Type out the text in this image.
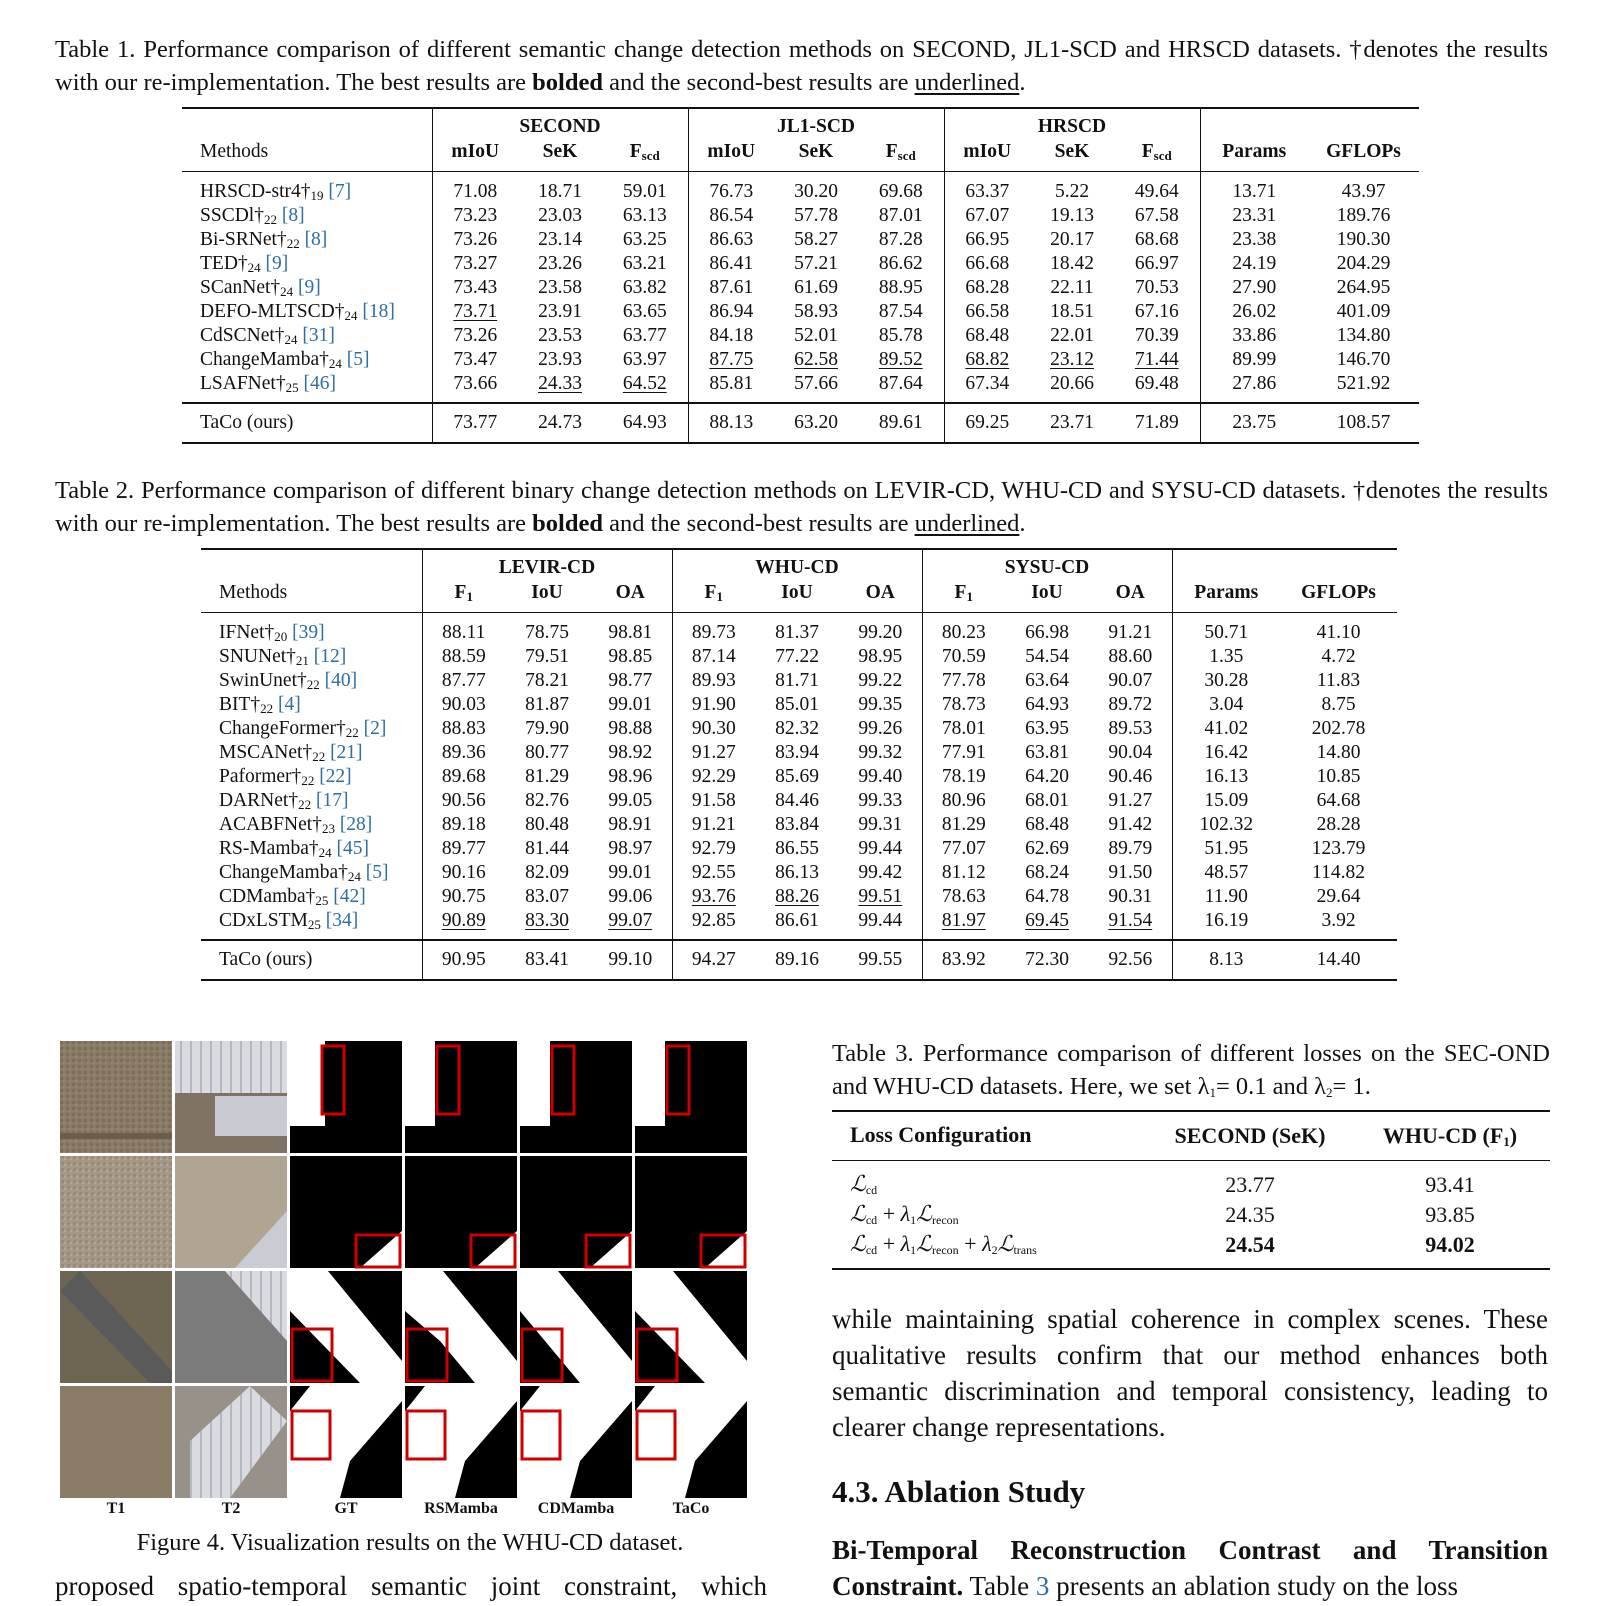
Table 1. Performance comparison of different semantic change detection methods on SECOND, JL1-SCD and HRSCD datasets. †denotes the results with our re-implementation. The best results are bolded and the second-best results are underlined.
	SECOND			JL1-SCD			HRSCD				
Methods	mIoU	SeK	$F_{scd}$	mIoU	SeK	$F_{scd}$	mIoU	SeK	$F_{scd}$	Params	GFLOPs
HRSCD-$str4\dagger_{19}$ [7]	71.08	18.71	59.01	76.73	30.20	69.68	63.37	5.22	49.64	13.71	43.97
$SSCDl\dagger_{22}$ [8]	73.23	23.03	63.13	86.54	57.78	87.01	67.07	19.13	67.58	23.31	189.76
$Bi-SRNet\dagger_{22}$ [8]	73.26	23.14	63.25	86.63	58.27	87.28	66.95	20.17	68.68	23.38	190.30
$TED\dagger_{24}$ [9]	73.27	23.26	63.21	86.41	57.21	86.62	66.68	18.42	66.97	24.19	204.29
$SCanNet\dagger_{24}$ [9]	73.43	23.58	63.82	87.61	61.69	88.95	68.28	22.11	70.53	27.90	264.95
DEFO-$MLTSCD\dagger_{24}$ [18]	73.71	23.91	63.65	86.94	58.93	87.54	66.58	18.51	67.16	26.02	401.09
$CdSCNet\dagger_{24}$ [31]	73.26	23.53	63.77	84.18	52.01	85.78	68.48	22.01	70.39	33.86	134.80
$ChangeMamba\dagger_{24}$ [5]	73.47	23.93	63.97	87.75	62.58	89.52	68.82	23.12	71.44	89.99	146.70
$LSAFNet\dagger_{25}$ [46]	73.66	24.33	64.52	85.81	57.66	87.64	67.34	20.66	69.48	27.86	521.92
TaCo (ours)	73.77	24.73	64.93	88.13	63.20	89.61	69.25	23.71	71.89	23.75	108.57
Table 2. Performance comparison of different binary change detection methods on LEVIR-CD, WHU-CD and SYSU-CD datasets. †denotes the results with our re-implementation. The best results are bolded and the second-best results are underlined.
	LEVIR-CD			WHU-CD			SYSU-CD				
Methods	$F_1$	IoU	OA	$F_1$	IoU	OA	$F_1$	IoU	OA	Params	GFLOPs
$IFNet\dagger_{20}$ [39]	88.11	78.75	98.81	89.73	81.37	99.20	80.23	66.98	91.21	50.71	41.10
$SNUNet\dagger_{21}$ [12]	88.59	79.51	98.85	87.14	77.22	98.95	70.59	54.54	88.60	1.35	4.72
$SwinUnet\dagger_{22}$ [40]	87.77	78.21	98.77	89.93	81.71	99.22	77.78	63.64	90.07	30.28	11.83
$BIT\dagger_{22}$ [4]	90.03	81.87	99.01	91.90	85.01	99.35	78.73	64.93	89.72	3.04	8.75
$ChangeFormer\dagger_{22}$ [2]	88.83	79.90	98.88	90.30	82.32	99.26	78.01	63.95	89.53	41.02	202.78
$MSCANet\dagger_{22}$ [21]	89.36	80.77	98.92	91.27	83.94	99.32	77.91	63.81	90.04	16.42	14.80
$Paformer\dagger_{22}$ [22]	89.68	81.29	98.96	92.29	85.69	99.40	78.19	64.20	90.46	16.13	10.85
$DARNet\dagger_{22}$ [17]	90.56	82.76	99.05	91.58	84.46	99.33	80.96	68.01	91.27	15.09	64.68
$ACABFNet\dagger_{23}$ [28]	89.18	80.48	98.91	91.21	83.84	99.31	81.29	68.48	91.42	102.32	28.28
$RS-Mamba\dagger_{24}$ [45]	89.77	81.44	98.97	92.79	86.55	99.44	77.07	62.69	89.79	51.95	123.79
$ChangeMamba\dagger_{24}$ [5]	90.16	82.09	99.01	92.55	86.13	99.42	81.12	68.24	91.50	48.57	114.82
$CDMamba\dagger_{25}$ [42]	90.75	83.07	99.06	93.76	88.26	99.51	78.63	64.78	90.31	11.90	29.64
CDxLSTM$_{25}$ [34]	90.89	83.30	99.07	92.85	86.61	99.44	81.97	69.45	91.54	16.19	3.92
TaCo (ours)	90.95	83.41	99.10	94.27	89.16	99.55	83.92	72.30	92.56	8.13	14.40
T1	T2	GT	RSMamba	CDMamba	TaCo
Figure 4. Visualization results on the WHU-CD dataset.
proposed spatio-temporal semantic joint constraint, which
Table 3. Performance comparison of different losses on the SEC-OND and WHU-CD datasets. Here, we set $\lambda_1= 0.1$ and $\lambda_2= 1$.
Loss Configuration	SECOND (SeK)	WHU-CD $(F_1)$
ℒ$_{cd}$	23.77	93.41
ℒ$_{cd}$ + $\lambda_1ℒ_{recon}$	24.35	93.85
ℒ$_{cd}$ + $\lambda_1ℒ_{recon}$ + $\lambda_2ℒ_{trans}$	24.54	94.02
while maintaining spatial coherence in complex scenes. These qualitative results confirm that our method enhances both semantic discrimination and temporal consistency, leading to clearer change representations.
4.3. Ablation Study
Bi-Temporal Reconstruction Contrast and Transition Constraint. Table 3 presents an ablation study on the loss
